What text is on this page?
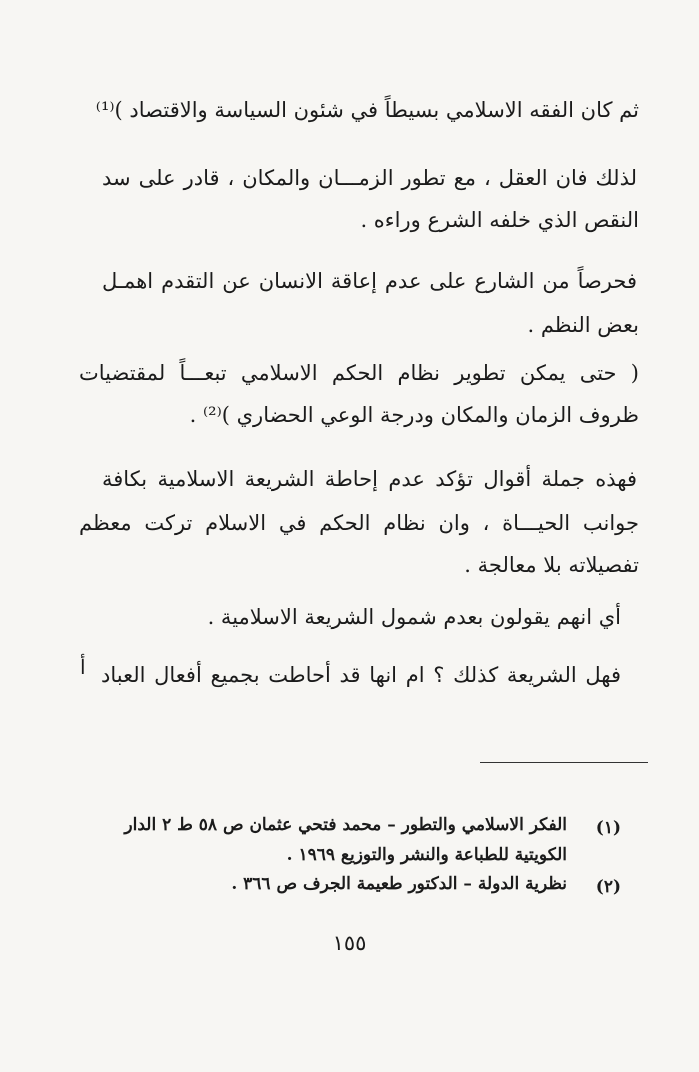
ثم كان الفقه الاسلامي بسيطاً في شئون السياسة والاقتصاد )⁽¹⁾
لذلك فان العقل ، مع تطور الزمـــان والمكان ، قادر على سد
النقص الذي خلفه الشرع وراءه .
فحرصاً من الشارع على عدم إعاقة الانسان عن التقدم اهمـل
بعض النظم .
( حتى يمكن تطوير نظام الحكم الاسلامي تبعـــاً لمقتضيات
ظروف الزمان والمكان ودرجة الوعي الحضاري )⁽²⁾ .
فهذه جملة أقوال تؤكد عدم إحاطة الشريعة الاسلامية بكافة
جوانب الحيـــاة ، وان نظام الحكم في الاسلام تركت معظم
تفصيلاته بلا معالجة .
أي انهم يقولون بعدم شمول الشريعة الاسلامية .
فهل الشريعة كذلك ؟ ام انها قد أحاطت بجميع أفعال العباد
أ
(١)
الفكر الاسلامي والتطور – محمد فتحي عثمان ص ٥٨ ط ٢ الدار
الكويتية للطباعة والنشر والتوزيع ١٩٦٩ .
(٢)
نظرية الدولة – الدكتور طعيمة الجرف ص ٣٦٦ .
١٥٥
